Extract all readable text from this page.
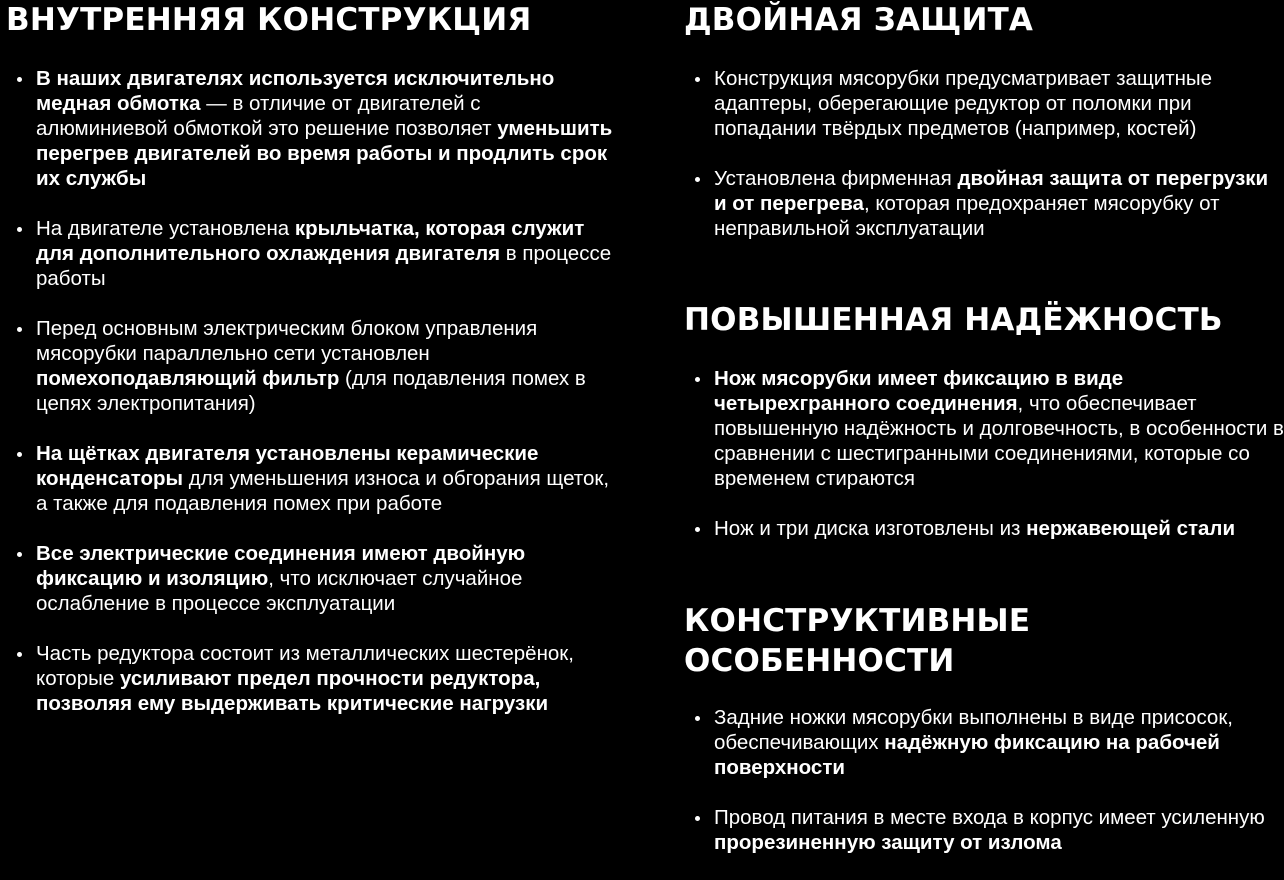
ВНУТРЕННЯЯ КОНСТРУКЦИЯ
В наших двигателях используется исключительно медная обмотка — в отличие от двигателей с алюминиевой обмоткой это решение позволяет уменьшить перегрев двигателей во время работы и продлить срок их службы
На двигателе установлена крыльчатка, которая служит для дополнительного охлаждения двигателя в процессе работы
Перед основным электрическим блоком управления мясорубки параллельно сети установлен помехоподавляющий фильтр (для подавления помех в цепях электропитания)
На щётках двигателя установлены керамические конденсаторы для уменьшения износа и обгорания щеток, а также для подавления помех при работе
Все электрические соединения имеют двойную фиксацию и изоляцию, что исключает случайное ослабление в процессе эксплуатации
Часть редуктора состоит из металлических шестерёнок, которые усиливают предел прочности редуктора, позволяя ему выдерживать критические нагрузки
ДВОЙНАЯ ЗАЩИТА
Конструкция мясорубки предусматривает защитные адаптеры, оберегающие редуктор от поломки при попадании твёрдых предметов (например, костей)
Установлена фирменная двойная защита от перегрузки и от перегрева, которая предохраняет мясорубку от неправильной эксплуатации
ПОВЫШЕННАЯ НАДЁЖНОСТЬ
Нож мясорубки имеет фиксацию в виде четырехгранного соединения, что обеспечивает повышенную надёжность и долговечность, в особенности в сравнении с шестигранными соединениями, которые со временем стираются
Нож и три диска изготовлены из нержавеющей стали
КОНСТРУКТИВНЫЕ
ОСОБЕННОСТИ
Задние ножки мясорубки выполнены в виде присосок, обеспечивающих надёжную фиксацию на рабочей поверхности
Провод питания в месте входа в корпус имеет усиленную прорезиненную защиту от излома
